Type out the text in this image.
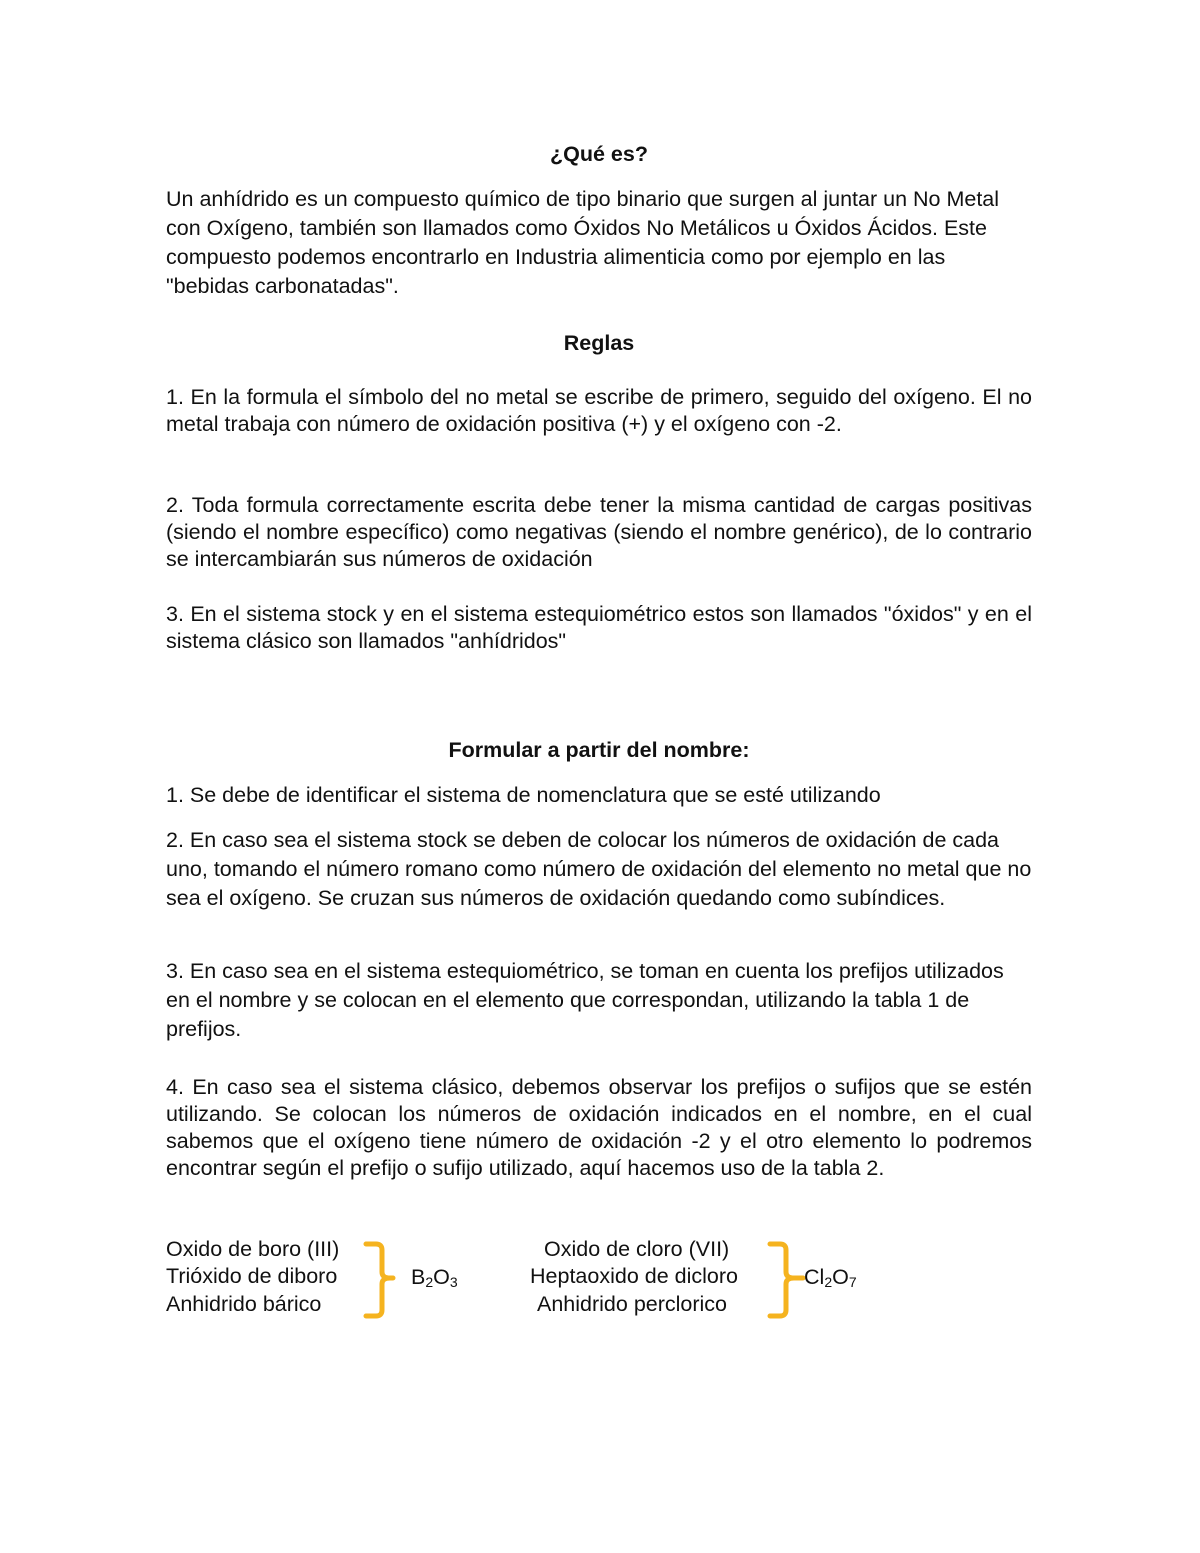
¿Qué es?

Un anhídrido es un compuesto químico de tipo binario que surgen al juntar un No Metal con Oxígeno, también son llamados como Óxidos No Metálicos u Óxidos Ácidos. Este compuesto podemos encontrarlo en Industria alimenticia como por ejemplo en las "bebidas carbonatadas".

Reglas

1. En la formula el símbolo del no metal se escribe de primero, seguido del oxígeno. El no metal trabaja con número de oxidación positiva (+) y el oxígeno con -2.

2. Toda formula correctamente escrita debe tener la misma cantidad de cargas positivas (siendo el nombre específico) como negativas (siendo el nombre genérico), de lo contrario se intercambiarán sus números de oxidación

3. En el sistema stock y en el sistema estequiométrico estos son llamados "óxidos" y en el sistema clásico son llamados "anhídridos"

Formular a partir del nombre:

1. Se debe de identificar el sistema de nomenclatura que se esté utilizando

2. En caso sea el sistema stock se deben de colocar los números de oxidación de cada uno, tomando el número romano como número de oxidación del elemento no metal que no sea el oxígeno. Se cruzan sus números de oxidación quedando como subíndices.

3. En caso sea en el sistema estequiométrico, se toman en cuenta los prefijos utilizados en el nombre y se colocan en el elemento que correspondan, utilizando la tabla 1 de prefijos.

4. En caso sea el sistema clásico, debemos observar los prefijos o sufijos que se estén utilizando. Se colocan los números de oxidación indicados en el nombre, en el cual sabemos que el oxígeno tiene número de oxidación -2 y el otro elemento lo podremos encontrar según el prefijo o sufijo utilizado, aquí hacemos uso de la tabla 2.

Oxido de boro (III)
Trióxido de diboro
Anhidrido bárico
$B_2O_3$
Oxido de cloro (VII)
Heptaoxido de dicloro
Anhidrido perclorico
$Cl_2O_7$
